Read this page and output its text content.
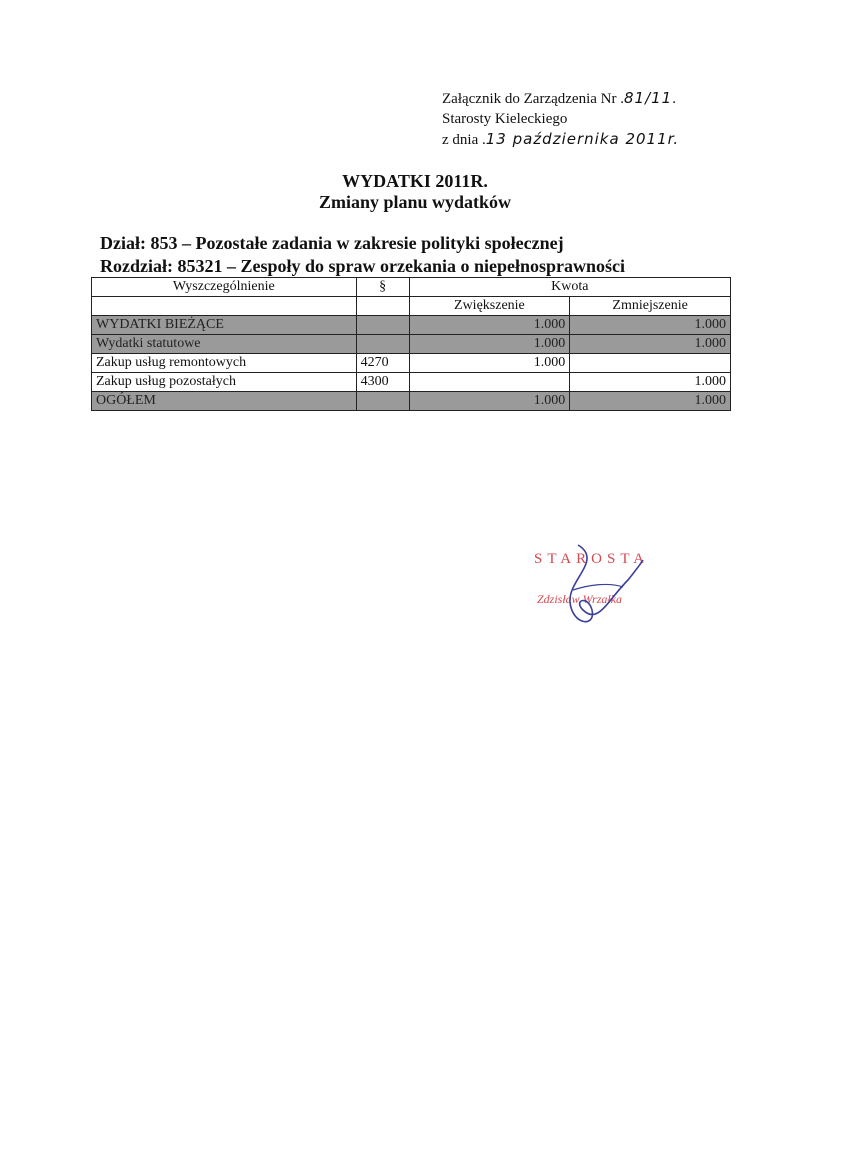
Załącznik do Zarządzenia Nr .81/11.
Starosty Kieleckiego
z dnia .13 października 2011r.
WYDATKI 2011R.
Zmiany planu wydatków
Dział: 853 – Pozostałe zadania w zakresie polityki społecznej
Rozdział: 85321 – Zespoły do spraw orzekania o niepełnosprawności
Wyszczególnienie	§	Kwota	
		Zwiększenie	Zmniejszenie
WYDATKI BIEŻĄCE		1.000	1.000
Wydatki statutowe		1.000	1.000
Zakup usług remontowych	4270	1.000	
Zakup usług pozostałych	4300		1.000
OGÓŁEM		1.000	1.000
STAROSTA
Zdzisław Wrzałka
